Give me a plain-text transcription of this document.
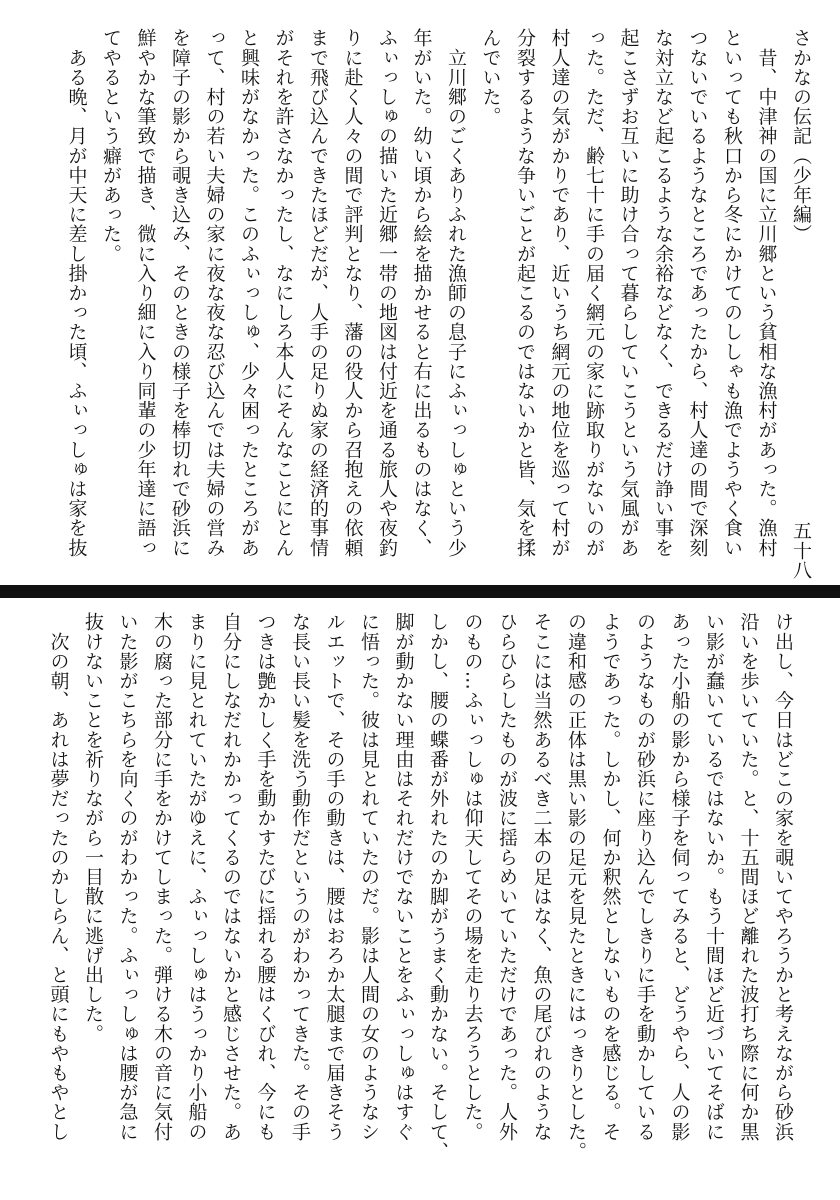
さかなの伝記（少年編）
五十八
　昔、中津神の国に立川郷という貧相な漁村があった。漁村
といっても秋口から冬にかけてのししゃも漁でようやく食い
つないでいるようなところであったから、村人達の間で深刻
な対立など起こるような余裕などなく、できるだけ諍い事を
起こさずお互いに助け合って暮らしていこうという気風があ
った。ただ、齢七十に手の届く網元の家に跡取りがないのが
村人達の気がかりであり、近いうち網元の地位を巡って村が
分裂するような争いごとが起こるのではないかと皆、気を揉
んでいた。
　立川郷のごくありふれた漁師の息子にふぃっしゅという少
年がいた。幼い頃から絵を描かせると右に出るものはなく、
ふぃっしゅの描いた近郷一帯の地図は付近を通る旅人や夜釣
りに赴く人々の間で評判となり、藩の役人から召抱えの依頼
まで飛び込んできたほどだが、人手の足りぬ家の経済的事情
がそれを許さなかったし、なにしろ本人にそんなことにとん
と興味がなかった。このふぃっしゅ、少々困ったところがあ
って、村の若い夫婦の家に夜な夜な忍び込んでは夫婦の営み
を障子の影から覗き込み、そのときの様子を棒切れで砂浜に
鮮やかな筆致で描き、微に入り細に入り同輩の少年達に語っ
てやるという癖があった。
　ある晩、月が中天に差し掛かった頃、ふぃっしゅは家を抜
け出し、今日はどこの家を覗いてやろうかと考えながら砂浜
沿いを歩いていた。と、十五間ほど離れた波打ち際に何か黒
い影が蠢いているではないか。もう十間ほど近づいてそばに
あった小船の影から様子を伺ってみると、どうやら、人の影
のようなものが砂浜に座り込んでしきりに手を動かしている
ようであった。しかし、何か釈然としないものを感じる。そ
の違和感の正体は黒い影の足元を見たときにはっきりとした。
そこには当然あるべき二本の足はなく、魚の尾びれのような
ひらひらしたものが波に揺らめいていただけであった。人外
のもの…ふぃっしゅは仰天してその場を走り去ろうとした。
しかし、腰の蝶番が外れたのか脚がうまく動かない。そして、
脚が動かない理由はそれだけでないことをふぃっしゅはすぐ
に悟った。彼は見とれていたのだ。影は人間の女のようなシ
ルエットで、その手の動きは、腰はおろか太腿まで届きそう
な長い長い髪を洗う動作だというのがわかってきた。その手
つきは艶かしく手を動かすたびに揺れる腰はくびれ、今にも
自分にしなだれかかってくるのではないかと感じさせた。あ
まりに見とれていたがゆえに、ふぃっしゅはうっかり小船の
木の腐った部分に手をかけてしまった。弾ける木の音に気付
いた影がこちらを向くのがわかった。ふぃっしゅは腰が急に
抜けないことを祈りながら一目散に逃げ出した。
　次の朝、あれは夢だったのかしらん、と頭にもやもやとし
